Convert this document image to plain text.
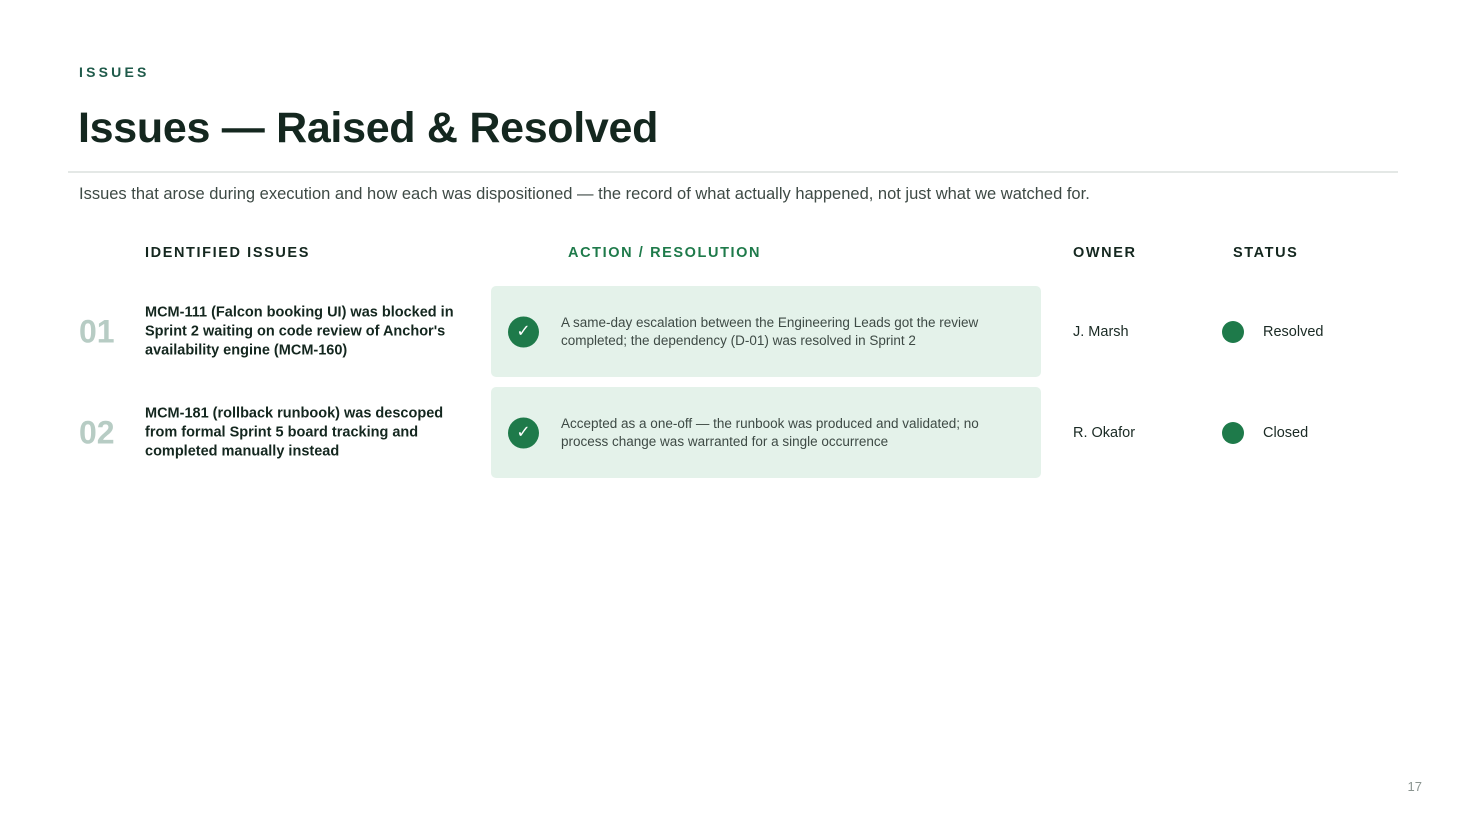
ISSUES
Issues — Raised & Resolved
Issues that arose during execution and how each was dispositioned — the record of what actually happened, not just what we watched for.
IDENTIFIED ISSUES	ACTION / RESOLUTION	OWNER	STATUS
01
MCM-111 (Falcon booking UI) was blocked in Sprint 2 waiting on code review of Anchor's availability engine (MCM-160)
✓	A same-day escalation between the Engineering Leads got the review completed; the dependency (D-01) was resolved in Sprint 2
J. Marsh	Resolved
02
MCM-181 (rollback runbook) was descoped from formal Sprint 5 board tracking and completed manually instead
✓	Accepted as a one-off — the runbook was produced and validated; no process change was warranted for a single occurrence
R. Okafor	Closed
17
